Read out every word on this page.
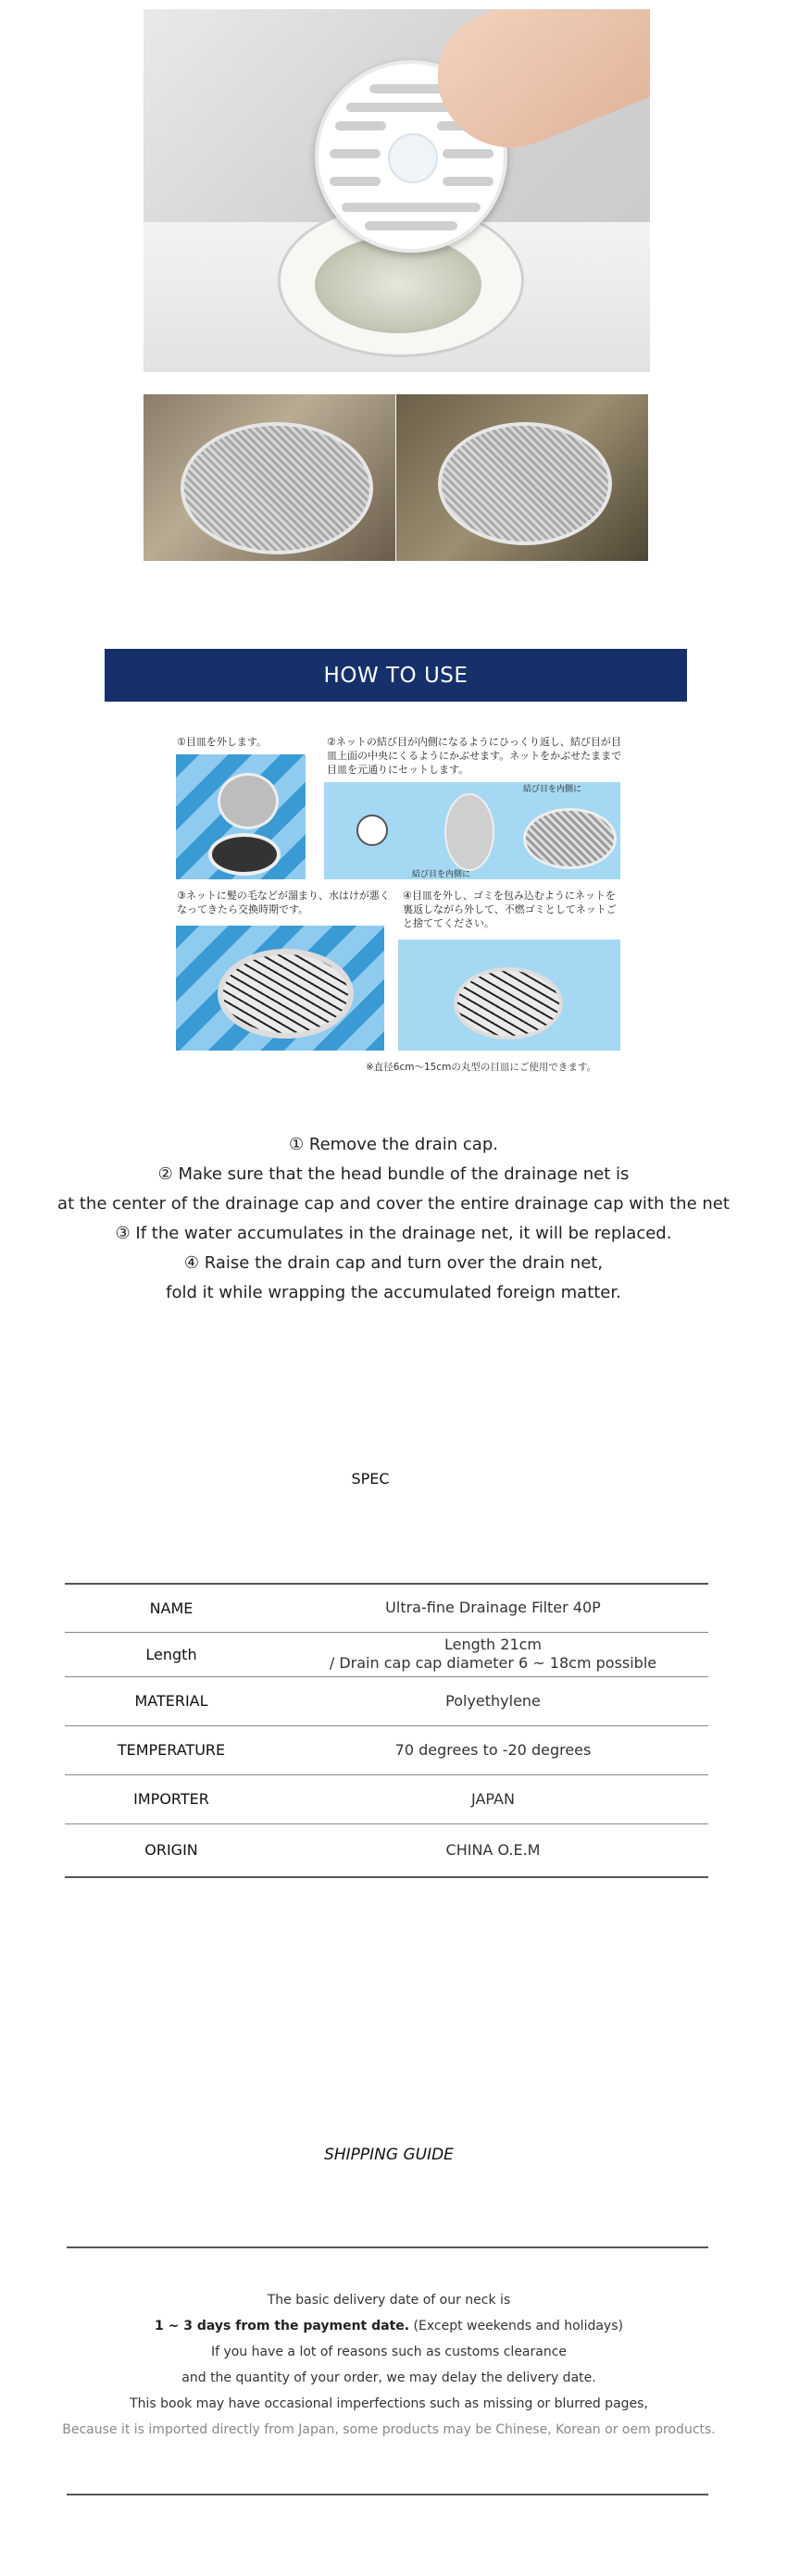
HOW TO USE
①目皿を外します。	②ネットの結び目が内側になるようにひっくり返し、結び目が目皿上面の中央にくるようにかぶせます。ネットをかぶせたままで目皿を元通りにセットします。
結び目を内側に
結び目を内側に
③ネットに髪の毛などが溜まり、水はけが悪くなってきたら交換時期です。
④目皿を外し、ゴミを包み込むようにネットを裏返しながら外して、不燃ゴミとしてネットごと捨ててください。
※直径6cm〜15cmの丸型の目皿にご使用できます。
① Remove the drain cap.
② Make sure that the head bundle of the drainage net is
at the center of the drainage cap and cover the entire drainage cap with the net
③ If the water accumulates in the drainage net, it will be replaced.
④ Raise the drain cap and turn over the drain net,
fold it while wrapping the accumulated foreign matter.
SPEC
NAME	Ultra-fine Drainage Filter 40P
Length	Length 21cm
/ Drain cap cap diameter 6 ~ 18cm possible

MATERIAL	Polyethylene
TEMPERATURE	70 degrees to -20 degrees
IMPORTER	JAPAN
ORIGIN	CHINA O.E.M
SHIPPING GUIDE
The basic delivery date of our neck is
1 ~ 3 days from the payment date. (Except weekends and holidays)
If you have a lot of reasons such as customs clearance
and the quantity of your order, we may delay the delivery date.
This book may have occasional imperfections such as missing or blurred pages,
Because it is imported directly from Japan, some products may be Chinese, Korean or oem products.
